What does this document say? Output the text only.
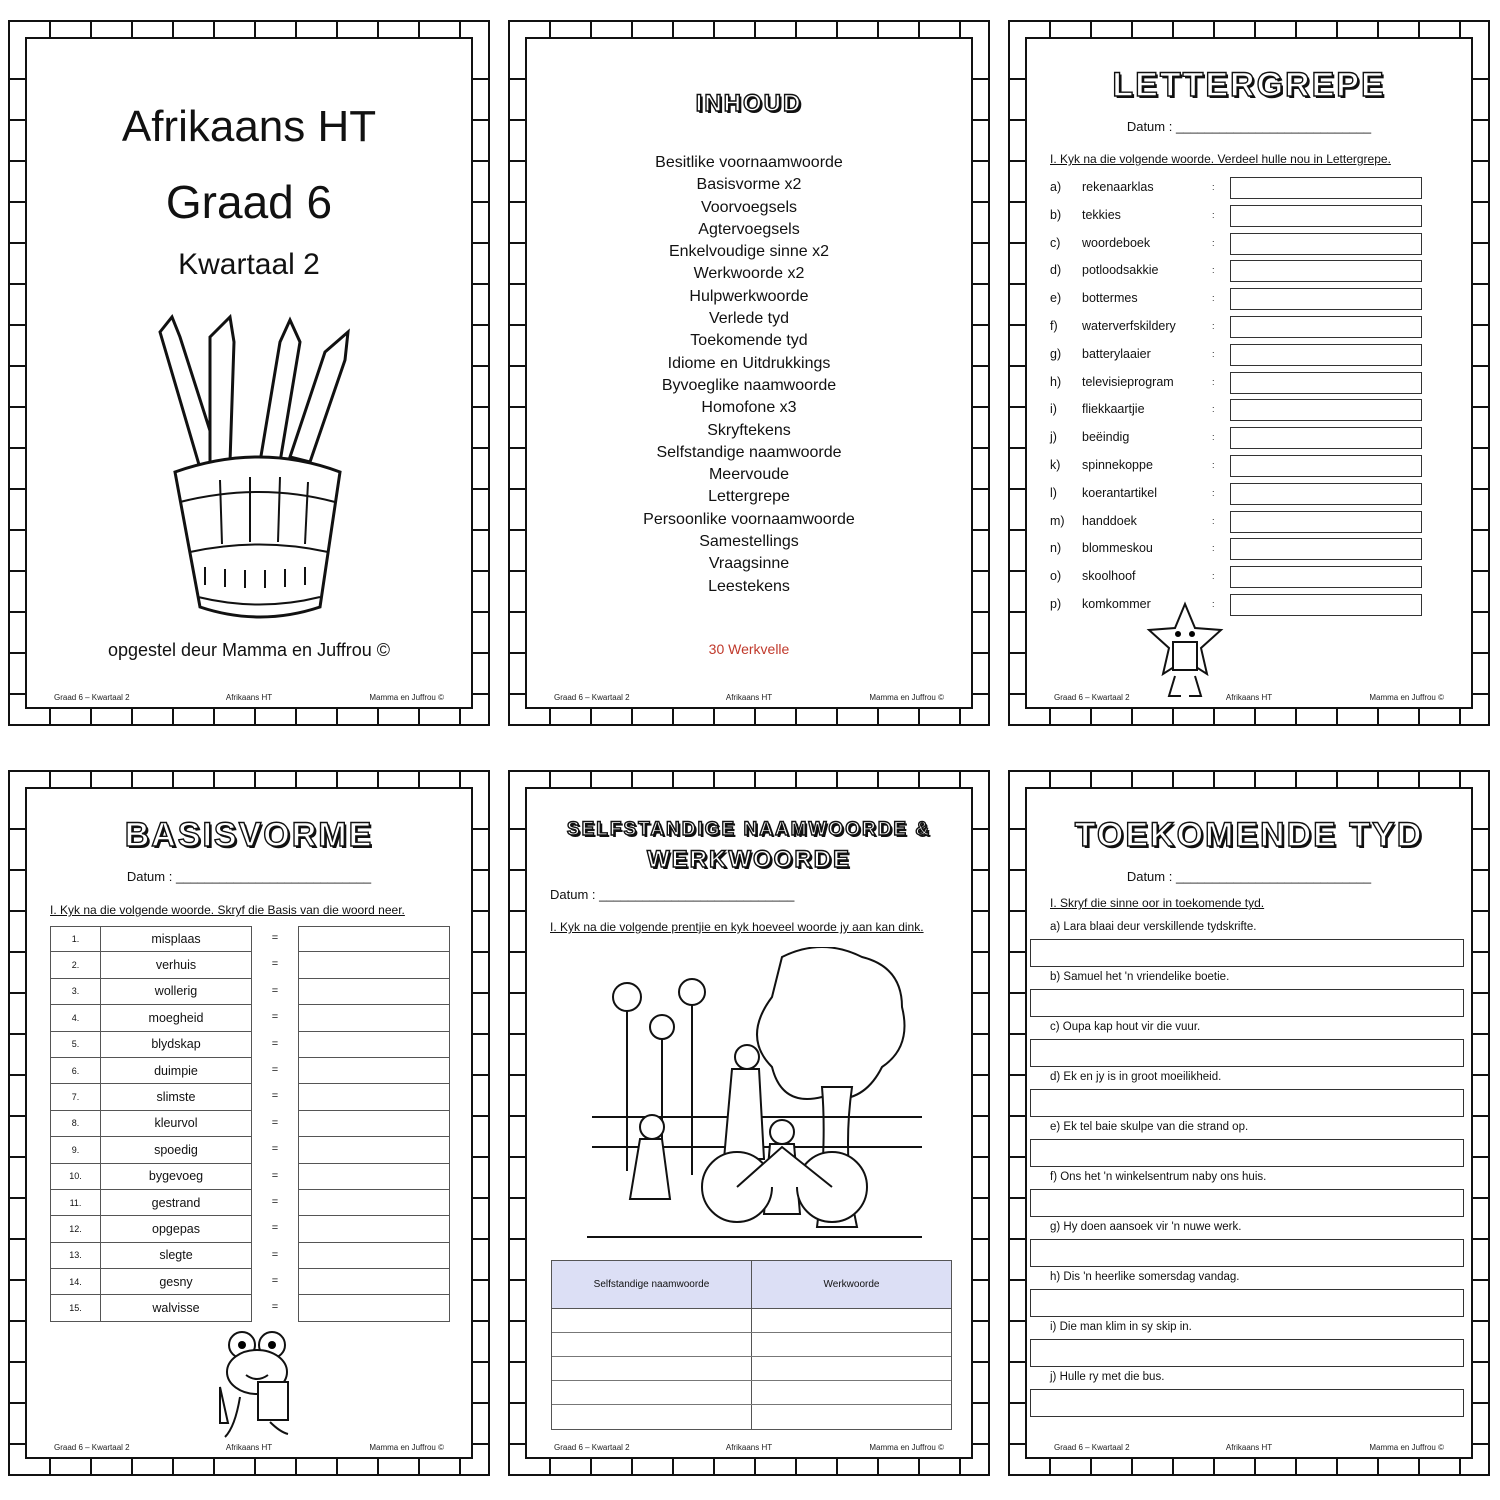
Afrikaans HT
Graad 6
Kwartaal 2
opgestel deur Mamma en Juffrou ©
Graad 6 – Kwartaal 2	Afrikaans HT	Mamma en Juffrou ©
INHOUD
Besitlike voornaamwoorde
Basisvorme x2
Voorvoegsels
Agtervoegsels
Enkelvoudige sinne x2
Werkwoorde x2
Hulpwerkwoorde
Verlede tyd
Toekomende tyd
Idiome en Uitdrukkings
Byvoeglike naamwoorde
Homofone x3
Skryftekens
Selfstandige naamwoorde
Meervoude
Lettergrepe
Persoonlike voornaamwoorde
Samestellings
Vraagsinne
Leestekens
30 Werkvelle
Graad 6 – Kwartaal 2	Afrikaans HT	Mamma en Juffrou ©
LETTERGREPE
Datum : ___________________________
I. Kyk na die volgende woorde. Verdeel hulle nou in Lettergrepe.
a) rekenaarklas	:
b) tekkies	:
c) woordeboek	:
d) potloodsakkie	:
e) bottermes	:
f) waterverfskildery	:
g) batterylaaier	:
h) televisieprogram	:
i) fliekkaartjie	:
j) beëindig	:
k) spinnekoppe	:
l) koerantartikel	:
m) handdoek	:
n) blommeskou	:
o) skoolhoof	:
p) komkommer	:
Graad 6 – Kwartaal 2	Afrikaans HT	Mamma en Juffrou ©
BASISVORME
Datum : ___________________________
I. Kyk na die volgende woorde. Skryf die Basis van die woord neer.
1.	misplaas	=
2.	verhuis	=
3.	wollerig	=
4.	moegheid	=
5.	blydskap	=
6.	duimpie	=
7.	slimste	=
8.	kleurvol	=
9.	spoedig	=
10.	bygevoeg	=
11.	gestrand	=
12.	opgepas	=
13.	slegte	=
14.	gesny	=
15.	walvisse	=
Graad 6 – Kwartaal 2	Afrikaans HT	Mamma en Juffrou ©
SELFSTANDIGE NAAMWOORDE &
WERKWOORDE
Datum : ___________________________
I. Kyk na die volgende prentjie en kyk hoeveel woorde jy aan kan dink.
Selfstandige naamwoorde	Werkwoorde
Graad 6 – Kwartaal 2	Afrikaans HT	Mamma en Juffrou ©
TOEKOMENDE TYD
Datum : ___________________________
I. Skryf die sinne oor in toekomende tyd.
a) Lara blaai deur verskillende tydskrifte.
b) Samuel het 'n vriendelike boetie.
c) Oupa kap hout vir die vuur.
d) Ek en jy is in groot moeilikheid.
e) Ek tel baie skulpe van die strand op.
f) Ons het 'n winkelsentrum naby ons huis.
g) Hy doen aansoek vir 'n nuwe werk.
h) Dis 'n heerlike somersdag vandag.
i) Die man klim in sy skip in.
j) Hulle ry met die bus.
Graad 6 – Kwartaal 2	Afrikaans HT	Mamma en Juffrou ©
